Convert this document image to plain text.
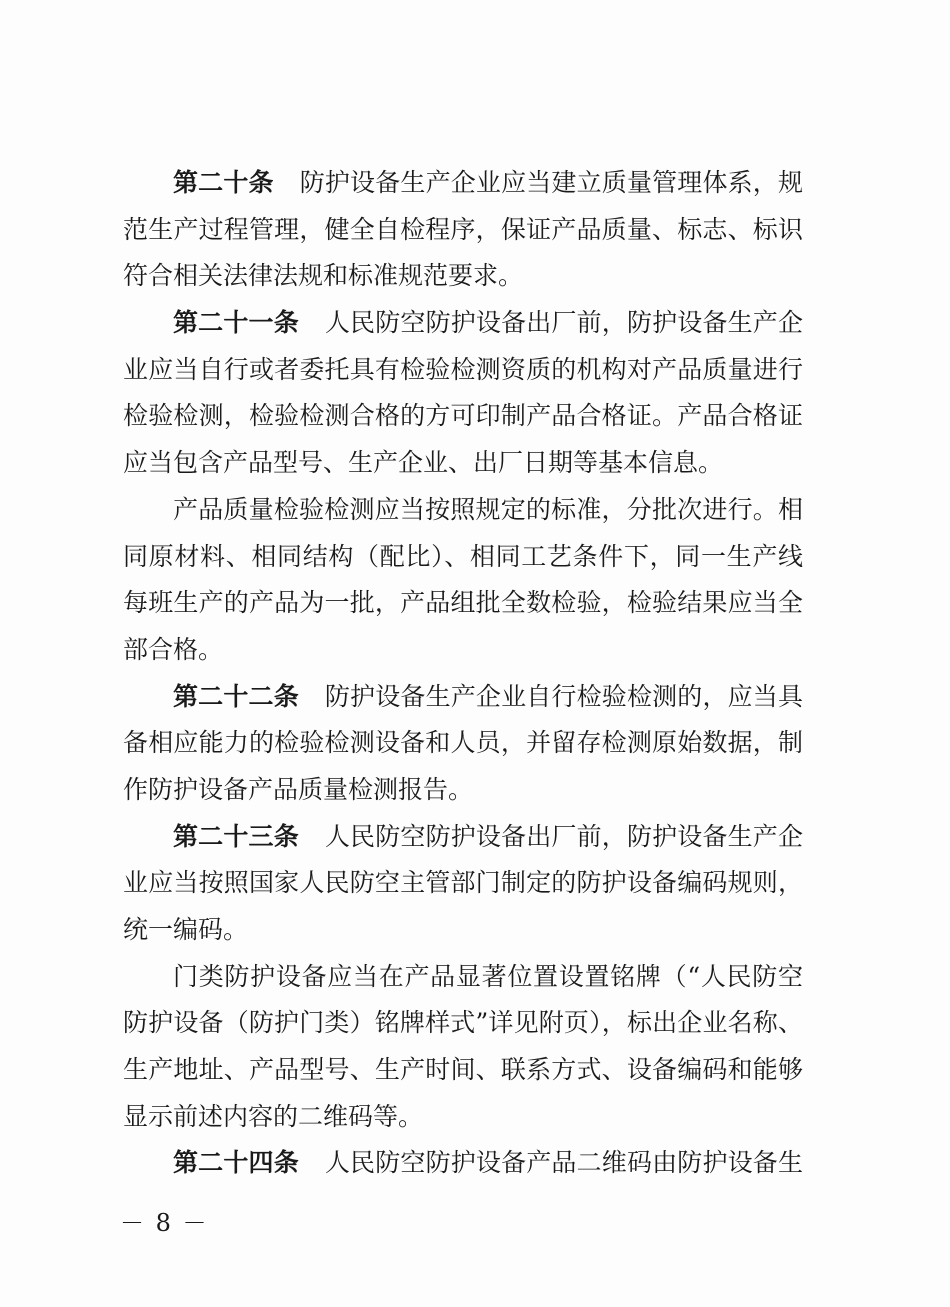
第二十条 防护设备生产企业应当建立质量管理体系，规
范生产过程管理，健全自检程序，保证产品质量、标志、标识
符合相关法律法规和标准规范要求。
第二十一条 人民防空防护设备出厂前，防护设备生产企
业应当自行或者委托具有检验检测资质的机构对产品质量进行
检验检测，检验检测合格的方可印制产品合格证。产品合格证
应当包含产品型号、生产企业、出厂日期等基本信息。
产品质量检验检测应当按照规定的标准，分批次进行。相
同原材料、相同结构（配比）、相同工艺条件下，同一生产线
每班生产的产品为一批，产品组批全数检验，检验结果应当全
部合格。
第二十二条 防护设备生产企业自行检验检测的，应当具
备相应能力的检验检测设备和人员，并留存检测原始数据，制
作防护设备产品质量检测报告。
第二十三条 人民防空防护设备出厂前，防护设备生产企
业应当按照国家人民防空主管部门制定的防护设备编码规则，
统一编码。
门类防护设备应当在产品显著位置设置铭牌（“人民防空
防护设备（防护门类）铭牌样式”详见附页），标出企业名称、
生产地址、产品型号、生产时间、联系方式、设备编码和能够
显示前述内容的二维码等。
第二十四条 人民防空防护设备产品二维码由防护设备生
－ 8 －
